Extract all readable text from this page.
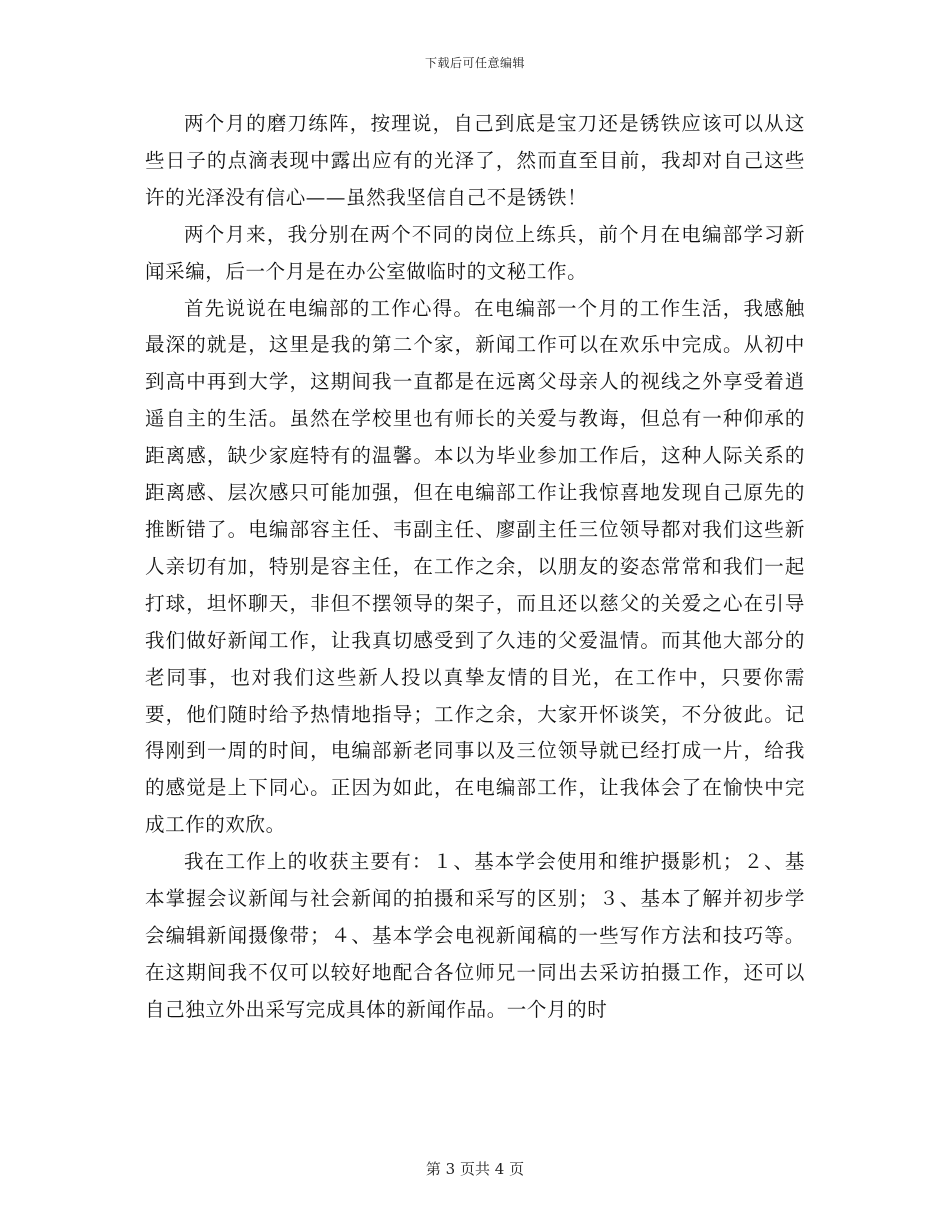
下载后可任意编辑

两个月的磨刀练阵，按理说，自己到底是宝刀还是锈铁应该可以从这些日子的点滴表现中露出应有的光泽了，然而直至目前，我却对自己这些许的光泽没有信心——虽然我坚信自己不是锈铁！

两个月来，我分别在两个不同的岗位上练兵，前个月在电编部学习新闻采编，后一个月是在办公室做临时的文秘工作。

首先说说在电编部的工作心得。在电编部一个月的工作生活，我感触最深的就是，这里是我的第二个家，新闻工作可以在欢乐中完成。从初中到高中再到大学，这期间我一直都是在远离父母亲人的视线之外享受着逍遥自主的生活。虽然在学校里也有师长的关爱与教诲，但总有一种仰承的距离感，缺少家庭特有的温馨。本以为毕业参加工作后，这种人际关系的距离感、层次感只可能加强，但在电编部工作让我惊喜地发现自己原先的推断错了。电编部容主任、韦副主任、廖副主任三位领导都对我们这些新人亲切有加，特别是容主任，在工作之余，以朋友的姿态常常和我们一起打球，坦怀聊天，非但不摆领导的架子，而且还以慈父的关爱之心在引导我们做好新闻工作，让我真切感受到了久违的父爱温情。而其他大部分的老同事，也对我们这些新人投以真挚友情的目光，在工作中，只要你需要，他们随时给予热情地指导；工作之余，大家开怀谈笑，不分彼此。记得刚到一周的时间，电编部新老同事以及三位领导就已经打成一片，给我的感觉是上下同心。正因为如此，在电编部工作，让我体会了在愉快中完成工作的欢欣。

我在工作上的收获主要有：１、基本学会使用和维护摄影机；２、基本掌握会议新闻与社会新闻的拍摄和采写的区别；３、基本了解并初步学会编辑新闻摄像带；４、基本学会电视新闻稿的一些写作方法和技巧等。在这期间我不仅可以较好地配合各位师兄一同出去采访拍摄工作，还可以自己独立外出采写完成具体的新闻作品。一个月的时

第 3 页共 4 页
